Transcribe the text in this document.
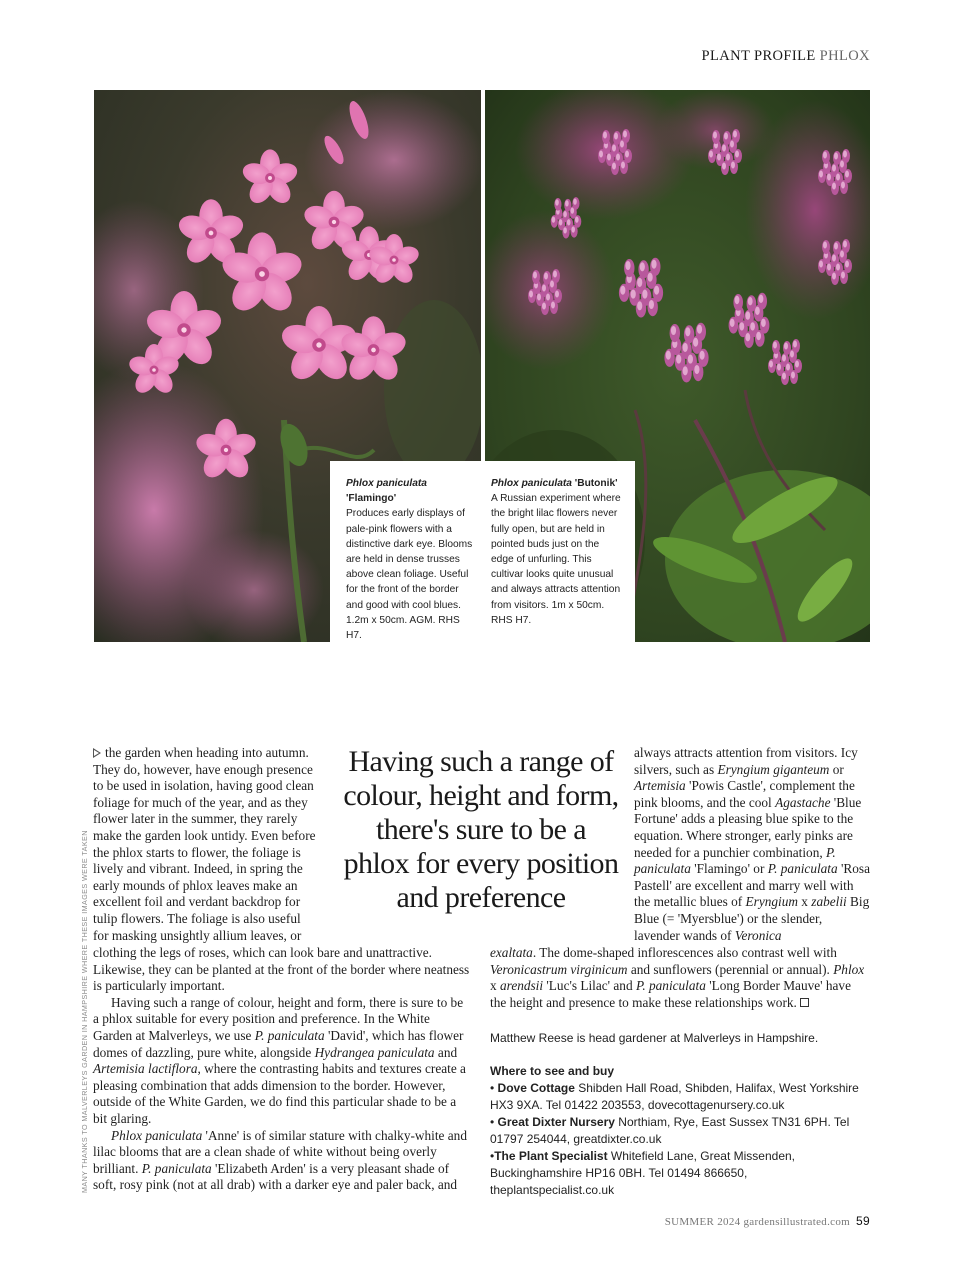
PLANT PROFILE PHLOX
Phlox paniculata
'Flamingo'
Produces early displays of pale-pink flowers with a distinctive dark eye. Blooms are held in dense trusses above clean foliage. Useful for the front of the border and good with cool blues. 1.2m x 50cm. AGM. RHS H7.
Phlox paniculata 'Butonik'
A Russian experiment where the bright lilac flowers never fully open, but are held in pointed buds just on the edge of unfurling. This cultivar looks quite unusual and always attracts attention from visitors. 1m x 50cm. RHS H7.

the garden when heading into autumn. They do, however, have enough presence to be used in isolation, having good clean foliage for much of the year, and as they flower later in the summer, they rarely make the garden look untidy. Even before the phlox starts to flower, the foliage is lively and vibrant. Indeed, in spring the early mounds of phlox leaves make an excellent foil and verdant backdrop for tulip flowers. The foliage is also useful for masking unsightly allium leaves, or

Having such a range of colour, height and form, there's sure to be a phlox for every position and preference

clothing the legs of roses, which can look bare and unattractive. Likewise, they can be planted at the front of the border where neatness is particularly important.

Having such a range of colour, height and form, there is sure to be a phlox suitable for every position and preference. In the White Garden at Malverleys, we use P. paniculata 'David', which has flower domes of dazzling, pure white, alongside Hydrangea paniculata and Artemisia lactiflora, where the contrasting habits and textures create a pleasing combination that adds dimension to the border. However, outside of the White Garden, we do find this particular shade to be a bit glaring.

Phlox paniculata 'Anne' is of similar stature with chalky-white and lilac blooms that are a clean shade of white without being overly brilliant. P. paniculata 'Elizabeth Arden' is a very pleasant shade of soft, rosy pink (not at all drab) with a darker eye and paler back, and

always attracts attention from visitors. Icy silvers, such as Eryngium giganteum or Artemisia 'Powis Castle', complement the pink blooms, and the cool Agastache 'Blue Fortune' adds a pleasing blue spike to the equation. Where stronger, early pinks are needed for a punchier combination, P. paniculata 'Flamingo' or P. paniculata 'Rosa Pastell' are excellent and marry well with the metallic blues of Eryngium x zabelii Big Blue (= 'Myersblue') or the slender, lavender wands of Veronica

exaltata. The dome-shaped inflorescences also contrast well with Veronicastrum virginicum and sunflowers (perennial or annual). Phlox x arendsii 'Luc's Lilac' and P. paniculata 'Long Border Mauve' have the height and presence to make these relationships work.

Matthew Reese is head gardener at Malverleys in Hampshire.
Where to see and buy
• Dove Cottage Shibden Hall Road, Shibden, Halifax, West Yorkshire HX3 9XA. Tel 01422 203553, dovecottagenursery.co.uk
• Great Dixter Nursery Northiam, Rye, East Sussex TN31 6PH. Tel 01797 254044, greatdixter.co.uk
•The Plant Specialist Whitefield Lane, Great Missenden, Buckinghamshire HP16 0BH. Tel 01494 866650, theplantspecialist.co.uk
MANY THANKS TO MALVERLEYS GARDEN IN HAMPSHIRE WHERE THESE IMAGES WERE TAKEN
SUMMER 2024 gardensillustrated.com 59
